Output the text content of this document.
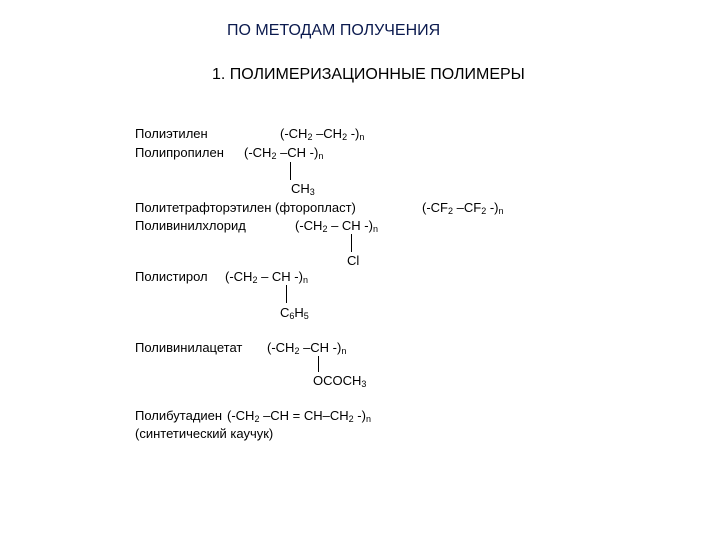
ПО МЕТОДАМ ПОЛУЧЕНИЯ
1. ПОЛИМЕРИЗАЦИОННЫЕ ПОЛИМЕРЫ
Полиэтилен	(-CH2 –CH2 -)n
Полипропилен (-CH2 –CH -)n
CH3
Политетрафторэтилен (фторопласт)	(-CF2 –CF2 -)n
Поливинилхлорид	(-CH2 – CH -)n
Cl
Полистирол (-CH2 – CH -)n
C6H5
Поливинилацетат (-CH2 –CH -)n
OCOCH3
Полибутадиен (-CH2 –CH = CH–CH2 -)n
(синтетический каучук)
